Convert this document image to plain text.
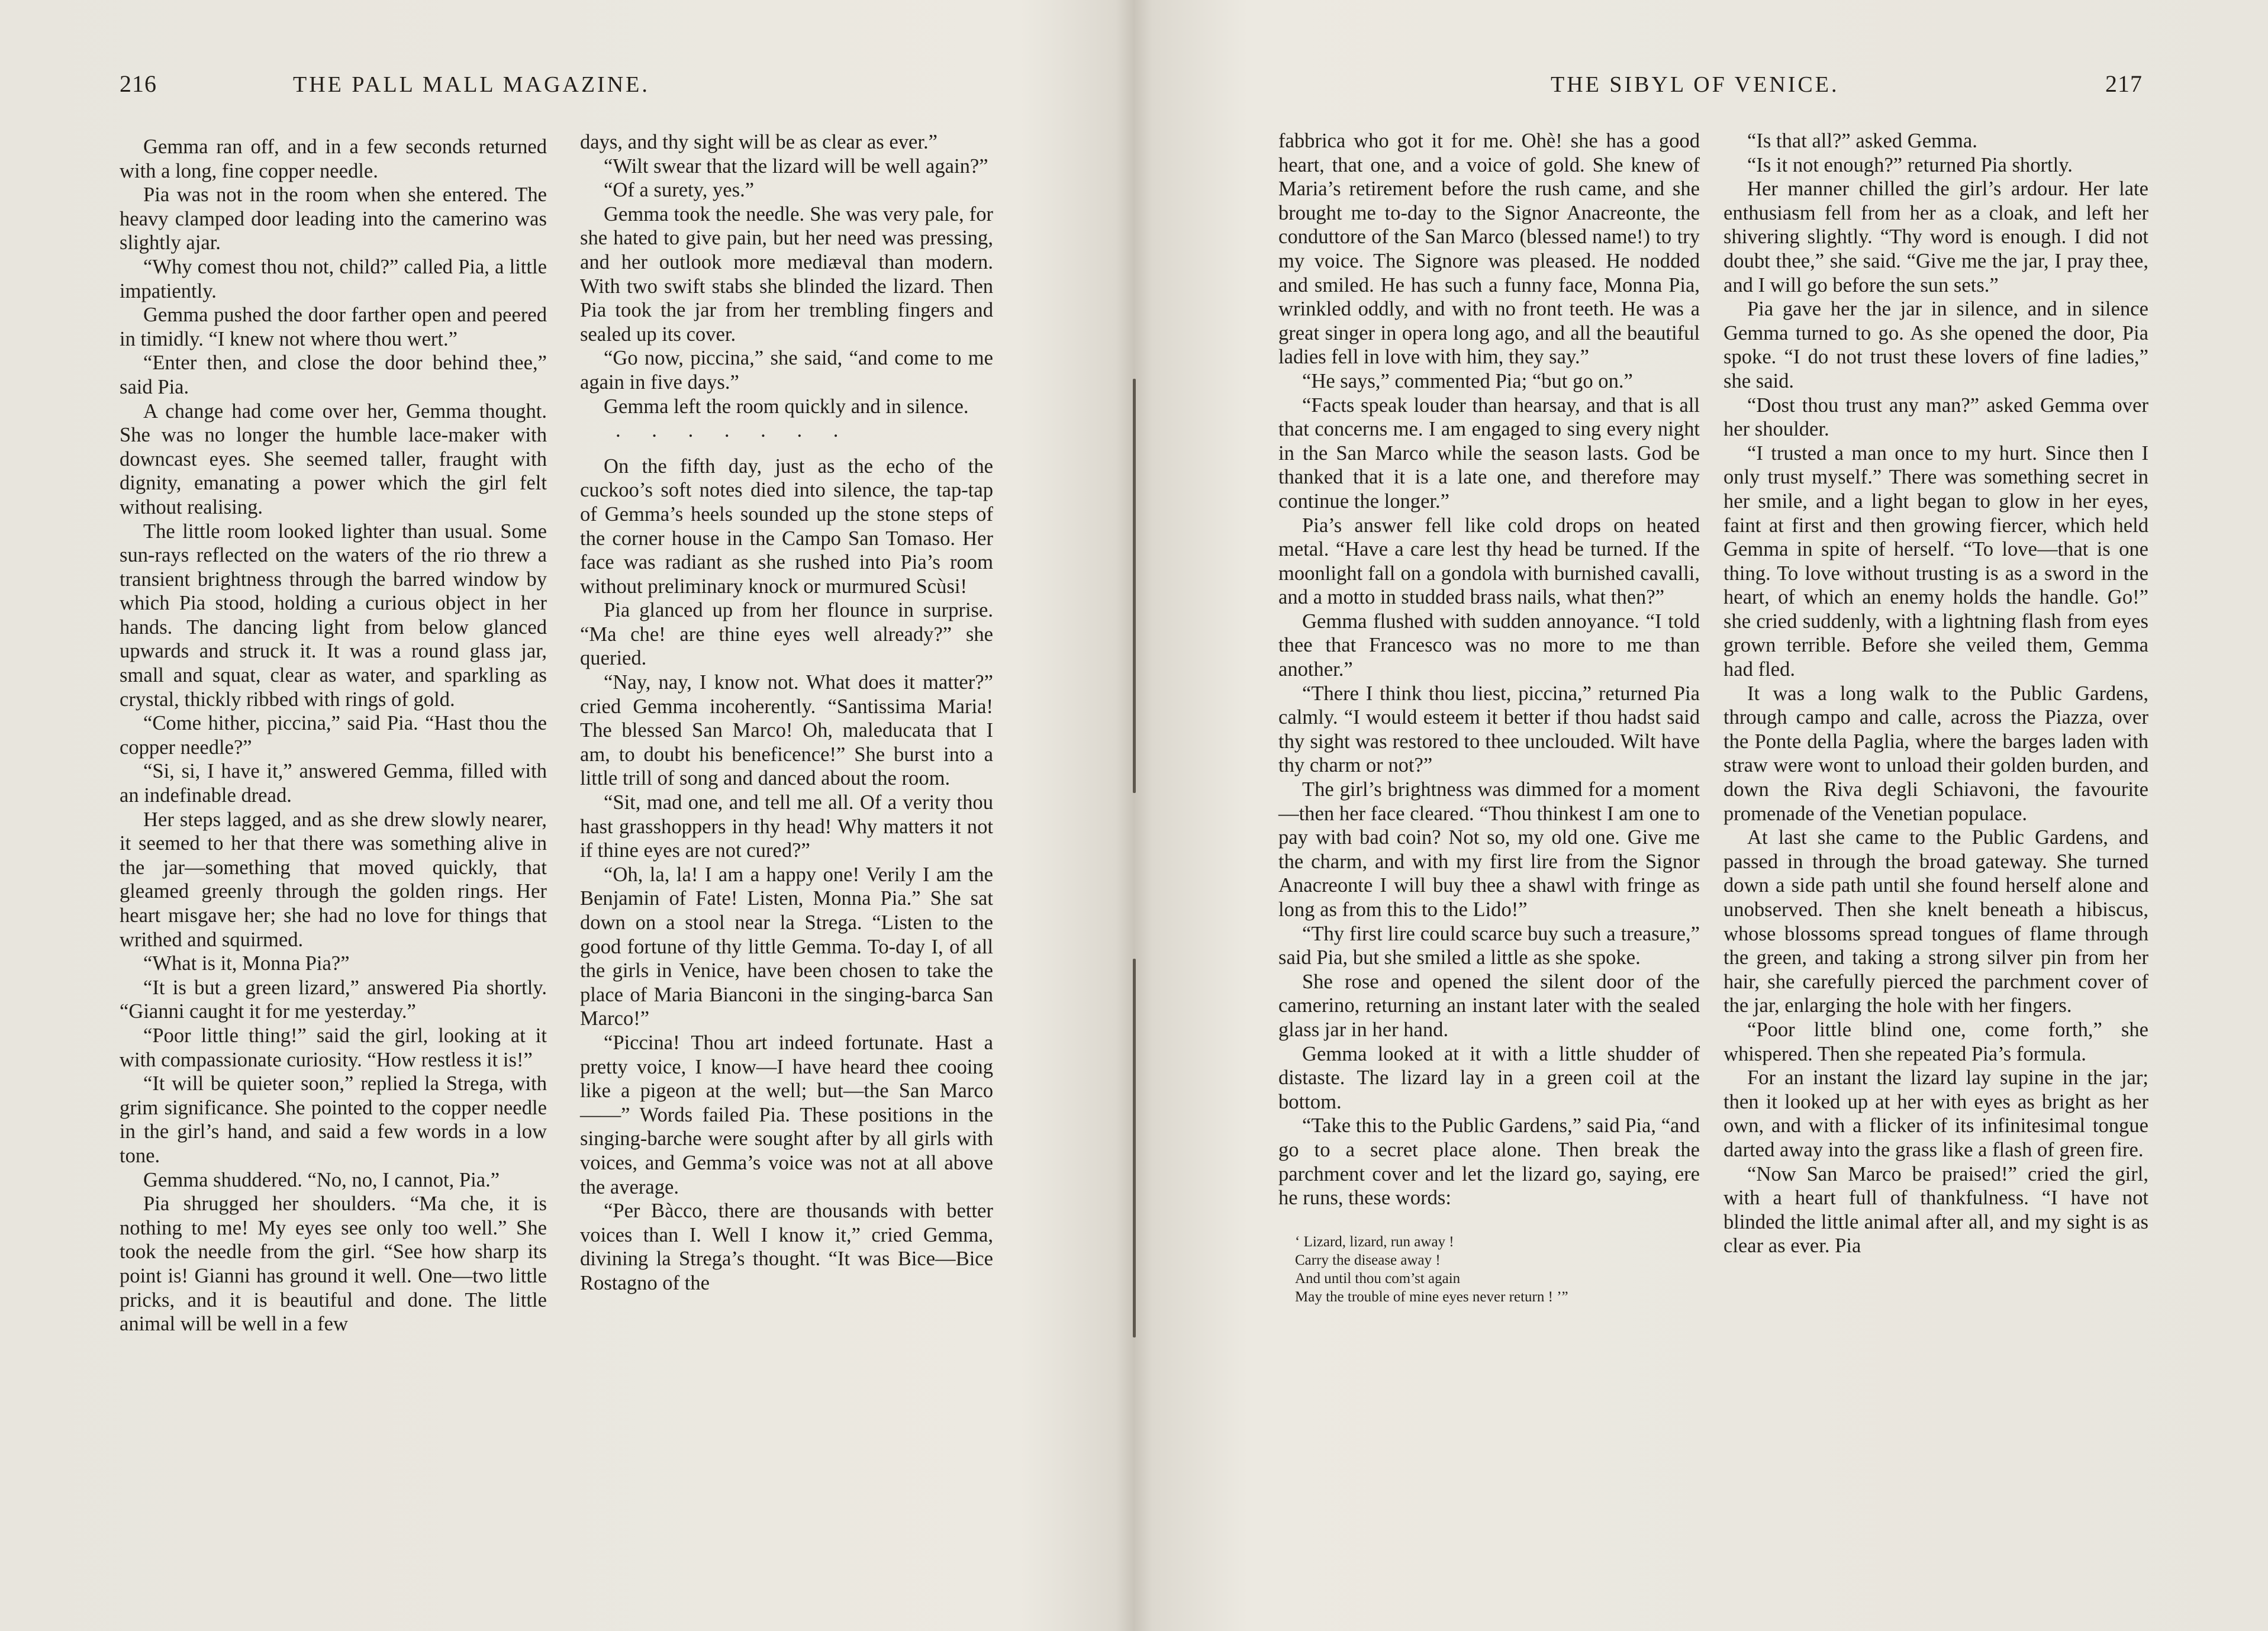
216	THE PALL MALL MAGAZINE.

Gemma ran off, and in a few seconds returned with a long, fine copper needle.

Pia was not in the room when she entered. The heavy clamped door leading into the camerino was slightly ajar.

“Why comest thou not, child?” called Pia, a little impatiently.

Gemma pushed the door farther open and peered in timidly. “I knew not where thou wert.”

“Enter then, and close the door behind thee,” said Pia.

A change had come over her, Gemma thought. She was no longer the humble lace-maker with downcast eyes. She seemed taller, fraught with dignity, emanating a power which the girl felt without realising.

The little room looked lighter than usual. Some sun-rays reflected on the waters of the rio threw a transient brightness through the barred window by which Pia stood, holding a curious object in her hands. The dancing light from below glanced upwards and struck it. It was a round glass jar, small and squat, clear as water, and sparkling as crystal, thickly ribbed with rings of gold.

“Come hither, piccina,” said Pia. “Hast thou the copper needle?”

“Si, si, I have it,” answered Gemma, filled with an indefinable dread.

Her steps lagged, and as she drew slowly nearer, it seemed to her that there was something alive in the jar—something that moved quickly, that gleamed greenly through the golden rings. Her heart misgave her; she had no love for things that writhed and squirmed.

“What is it, Monna Pia?”

“It is but a green lizard,” answered Pia shortly. “Gianni caught it for me yesterday.”

“Poor little thing!” said the girl, looking at it with compassionate curiosity. “How restless it is!”

“It will be quieter soon,” replied la Strega, with grim significance. She pointed to the copper needle in the girl’s hand, and said a few words in a low tone.

Gemma shuddered. “No, no, I cannot, Pia.”

Pia shrugged her shoulders. “Ma che, it is nothing to me! My eyes see only too well.” She took the needle from the girl. “See how sharp its point is! Gianni has ground it well. One—two little pricks, and it is beautiful and done. The little animal will be well in a few

days, and thy sight will be as clear as ever.”

“Wilt swear that the lizard will be well again?”

“Of a surety, yes.”

Gemma took the needle. She was very pale, for she hated to give pain, but her need was pressing, and her outlook more mediæval than modern. With two swift stabs she blinded the lizard. Then Pia took the jar from her trembling fingers and sealed up its cover.

“Go now, piccina,” she said, “and come to me again in five days.”

Gemma left the room quickly and in silence.

. . . . . . .

On the fifth day, just as the echo of the cuckoo’s soft notes died into silence, the tap-tap of Gemma’s heels sounded up the stone steps of the corner house in the Campo San Tomaso. Her face was radiant as she rushed into Pia’s room without preliminary knock or murmured Scùsi!

Pia glanced up from her flounce in surprise. “Ma che! are thine eyes well already?” she queried.

“Nay, nay, I know not. What does it matter?” cried Gemma incoherently. “Santissima Maria! The blessed San Marco! Oh, maleducata that I am, to doubt his beneficence!” She burst into a little trill of song and danced about the room.

“Sit, mad one, and tell me all. Of a verity thou hast grasshoppers in thy head! Why matters it not if thine eyes are not cured?”

“Oh, la, la! I am a happy one! Verily I am the Benjamin of Fate! Listen, Monna Pia.” She sat down on a stool near la Strega. “Listen to the good fortune of thy little Gemma. To-day I, of all the girls in Venice, have been chosen to take the place of Maria Bianconi in the singing-barca San Marco!”

“Piccina! Thou art indeed fortunate. Hast a pretty voice, I know—I have heard thee cooing like a pigeon at the well; but—the San Marco——” Words failed Pia. These positions in the singing-barche were sought after by all girls with voices, and Gemma’s voice was not at all above the average.

“Per Bàcco, there are thousands with better voices than I. Well I know it,” cried Gemma, divining la Strega’s thought. “It was Bice—Bice Rostagno of the

THE SIBYL OF VENICE.	217

fabbrica who got it for me. Ohè! she has a good heart, that one, and a voice of gold. She knew of Maria’s retirement before the rush came, and she brought me to-day to the Signor Anacreonte, the conduttore of the San Marco (blessed name!) to try my voice. The Signore was pleased. He nodded and smiled. He has such a funny face, Monna Pia, wrinkled oddly, and with no front teeth. He was a great singer in opera long ago, and all the beautiful ladies fell in love with him, they say.”

“He says,” commented Pia; “but go on.”

“Facts speak louder than hearsay, and that is all that concerns me. I am engaged to sing every night in the San Marco while the season lasts. God be thanked that it is a late one, and therefore may continue the longer.”

Pia’s answer fell like cold drops on heated metal. “Have a care lest thy head be turned. If the moonlight fall on a gondola with burnished cavalli, and a motto in studded brass nails, what then?”

Gemma flushed with sudden annoyance. “I told thee that Francesco was no more to me than another.”

“There I think thou liest, piccina,” returned Pia calmly. “I would esteem it better if thou hadst said thy sight was restored to thee unclouded. Wilt have thy charm or not?”

The girl’s brightness was dimmed for a moment—then her face cleared. “Thou thinkest I am one to pay with bad coin? Not so, my old one. Give me the charm, and with my first lire from the Signor Anacreonte I will buy thee a shawl with fringe as long as from this to the Lido!”

“Thy first lire could scarce buy such a treasure,” said Pia, but she smiled a little as she spoke.

She rose and opened the silent door of the camerino, returning an instant later with the sealed glass jar in her hand.

Gemma looked at it with a little shudder of distaste. The lizard lay in a green coil at the bottom.

“Take this to the Public Gardens,” said Pia, “and go to a secret place alone. Then break the parchment cover and let the lizard go, saying, ere he runs, these words:

‘ Lizard, lizard, run away !
Carry the disease away !
And until thou com’st again
May the trouble of mine eyes never return ! ’”

“Is that all?” asked Gemma.

“Is it not enough?” returned Pia shortly.

Her manner chilled the girl’s ardour. Her late enthusiasm fell from her as a cloak, and left her shivering slightly. “Thy word is enough. I did not doubt thee,” she said. “Give me the jar, I pray thee, and I will go before the sun sets.”

Pia gave her the jar in silence, and in silence Gemma turned to go. As she opened the door, Pia spoke. “I do not trust these lovers of fine ladies,” she said.

“Dost thou trust any man?” asked Gemma over her shoulder.

“I trusted a man once to my hurt. Since then I only trust myself.” There was something secret in her smile, and a light began to glow in her eyes, faint at first and then growing fiercer, which held Gemma in spite of herself. “To love—that is one thing. To love without trusting is as a sword in the heart, of which an enemy holds the handle. Go!” she cried suddenly, with a lightning flash from eyes grown terrible. Before she veiled them, Gemma had fled.

It was a long walk to the Public Gardens, through campo and calle, across the Piazza, over the Ponte della Paglia, where the barges laden with straw were wont to unload their golden burden, and down the Riva degli Schiavoni, the favourite promenade of the Venetian populace.

At last she came to the Public Gardens, and passed in through the broad gateway. She turned down a side path until she found herself alone and unobserved. Then she knelt beneath a hibiscus, whose blossoms spread tongues of flame through the green, and taking a strong silver pin from her hair, she carefully pierced the parchment cover of the jar, enlarging the hole with her fingers.

“Poor little blind one, come forth,” she whispered. Then she repeated Pia’s formula.

For an instant the lizard lay supine in the jar; then it looked up at her with eyes as bright as her own, and with a flicker of its infinitesimal tongue darted away into the grass like a flash of green fire.

“Now San Marco be praised!” cried the girl, with a heart full of thankfulness. “I have not blinded the little animal after all, and my sight is as clear as ever. Pia
